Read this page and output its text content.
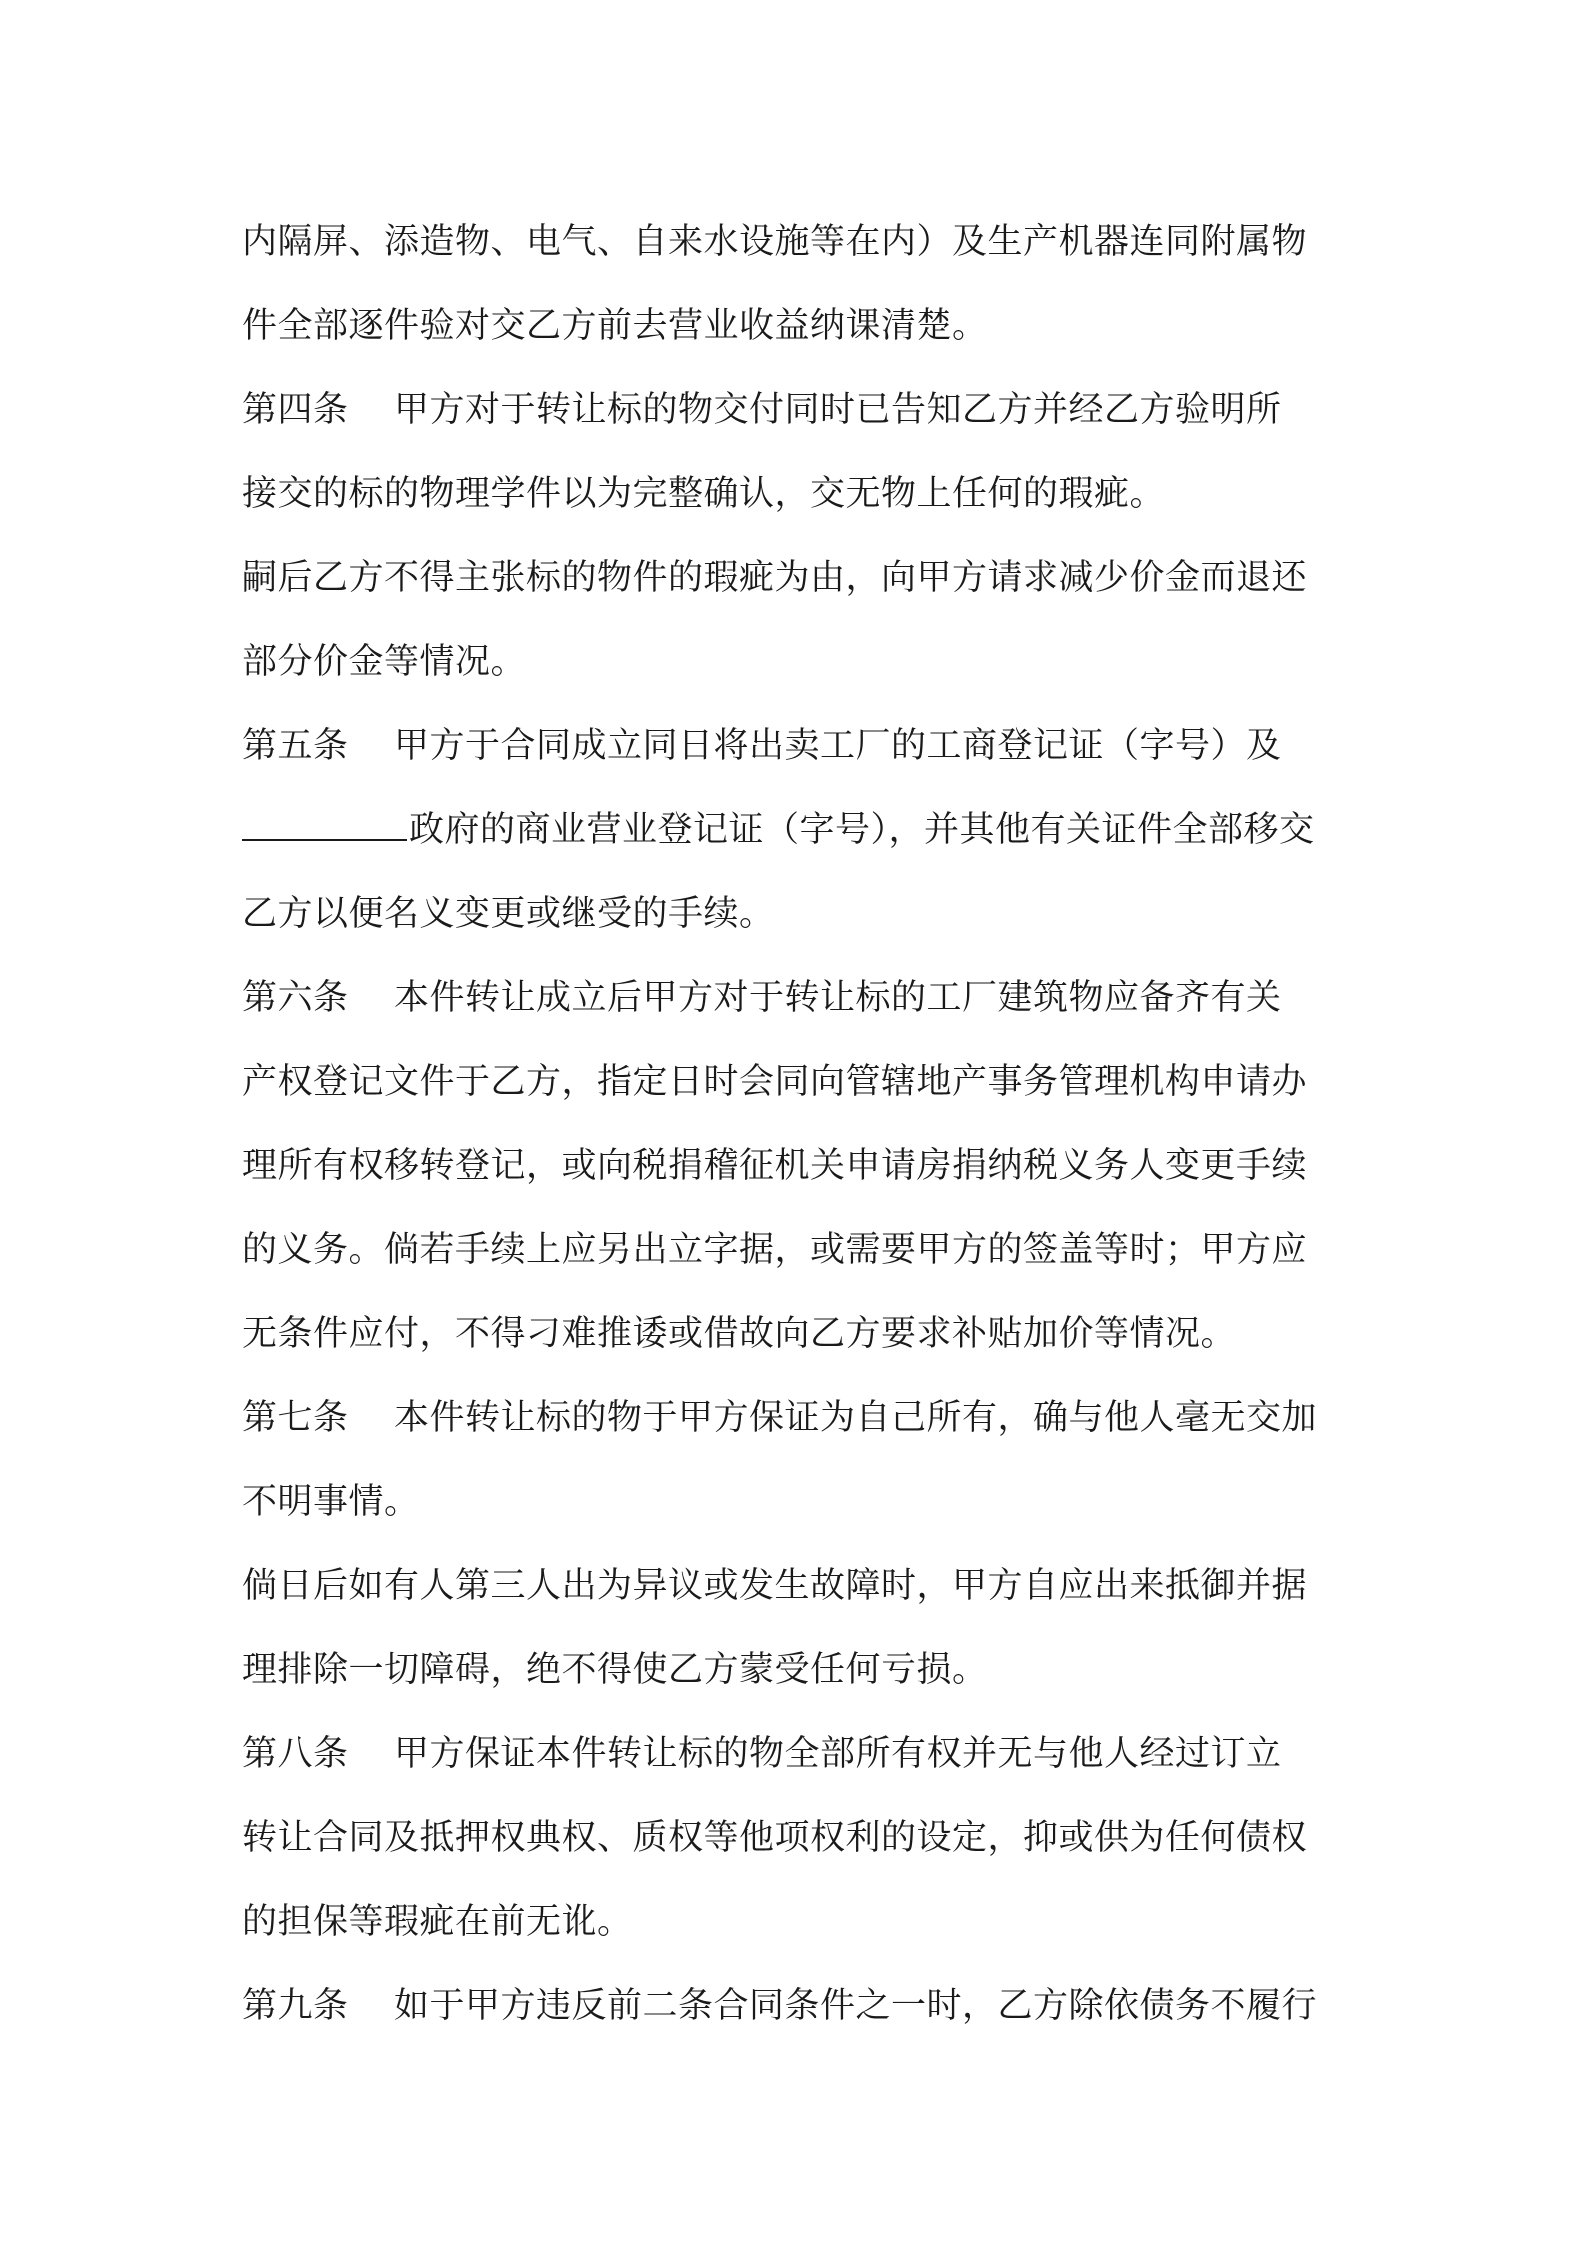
内隔屏、添造物、电气、自来水设施等在内）及生产机器连同附属物
件全部逐件验对交乙方前去营业收益纳课清楚。
第四条 甲方对于转让标的物交付同时已告知乙方并经乙方验明所
接交的标的物理学件以为完整确认，交无物上任何的瑕疵。
嗣后乙方不得主张标的物件的瑕疵为由，向甲方请求减少价金而退还
部分价金等情况。
第五条 甲方于合同成立同日将出卖工厂的工商登记证（字号）及
政府的商业营业登记证（字号），并其他有关证件全部移交
乙方以便名义变更或继受的手续。
第六条 本件转让成立后甲方对于转让标的工厂建筑物应备齐有关
产权登记文件于乙方，指定日时会同向管辖地产事务管理机构申请办
理所有权移转登记，或向税捐稽征机关申请房捐纳税义务人变更手续
的义务。倘若手续上应另出立字据，或需要甲方的签盖等时；甲方应
无条件应付，不得刁难推诿或借故向乙方要求补贴加价等情况。
第七条 本件转让标的物于甲方保证为自己所有，确与他人毫无交加
不明事情。
倘日后如有人第三人出为异议或发生故障时，甲方自应出来抵御并据
理排除一切障碍，绝不得使乙方蒙受任何亏损。
第八条 甲方保证本件转让标的物全部所有权并无与他人经过订立
转让合同及抵押权典权、质权等他项权利的设定，抑或供为任何债权
的担保等瑕疵在前无讹。
第九条 如于甲方违反前二条合同条件之一时，乙方除依债务不履行
